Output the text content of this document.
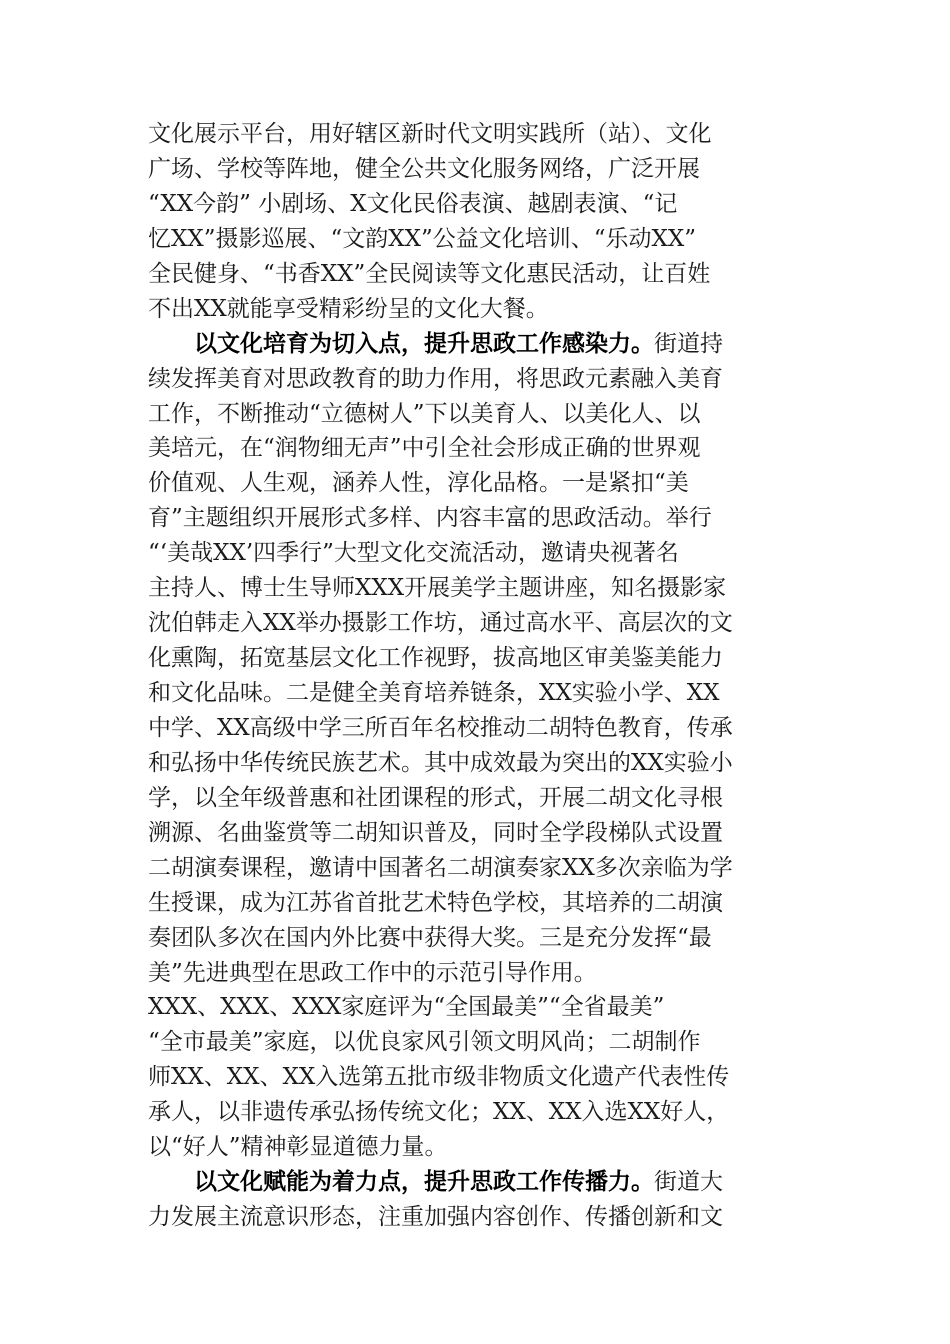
文化展示平台，用好辖区新时代文明实践所（站）、文化
广场、学校等阵地，健全公共文化服务网络，广泛开展
“XX今韵” 小剧场、X文化民俗表演、越剧表演、“记
忆XX”摄影巡展、“文韵XX”公益文化培训、“乐动XX”
全民健身、“书香XX”全民阅读等文化惠民活动，让百姓
不出XX就能享受精彩纷呈的文化大餐。
以文化培育为切入点，提升思政工作感染力。街道持
续发挥美育对思政教育的助力作用，将思政元素融入美育
工作，不断推动“立德树人”下以美育人、以美化人、以
美培元，在“润物细无声”中引全社会形成正确的世界观
价值观、人生观，涵养人性，淳化品格。一是紧扣“美
育”主题组织开展形式多样、内容丰富的思政活动。举行
“‘美哉XX’四季行”大型文化交流活动，邀请央视著名
主持人、博士生导师XXX开展美学主题讲座，知名摄影家
沈伯韩走入XX举办摄影工作坊，通过高水平、高层次的文
化熏陶，拓宽基层文化工作视野，拔高地区审美鉴美能力
和文化品味。二是健全美育培养链条，XX实验小学、XX
中学、XX高级中学三所百年名校推动二胡特色教育，传承
和弘扬中华传统民族艺术。其中成效最为突出的XX实验小
学，以全年级普惠和社团课程的形式，开展二胡文化寻根
溯源、名曲鉴赏等二胡知识普及，同时全学段梯队式设置
二胡演奏课程，邀请中国著名二胡演奏家XX多次亲临为学
生授课，成为江苏省首批艺术特色学校，其培养的二胡演
奏团队多次在国内外比赛中获得大奖。三是充分发挥“最
美”先进典型在思政工作中的示范引导作用。
XXX、XXX、XXX家庭评为“全国最美”“全省最美”
“全市最美”家庭，以优良家风引领文明风尚；二胡制作
师XX、XX、XX入选第五批市级非物质文化遗产代表性传
承人，以非遗传承弘扬传统文化；XX、XX入选XX好人，
以“好人”精神彰显道德力量。
以文化赋能为着力点，提升思政工作传播力。街道大
力发展主流意识形态，注重加强内容创作、传播创新和文
